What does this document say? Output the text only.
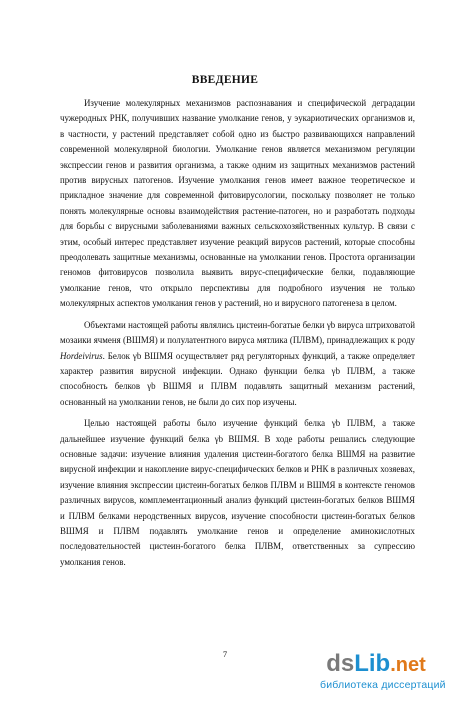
ВВЕДЕНИЕ

Изучение молекулярных механизмов распознавания и специфической деградации чужеродных РНК, получивших название умолкание генов, у эукариотических организмов и, в частности, у растений представляет собой одно из быстро развивающихся направлений современной молекулярной биологии. Умолкание генов является механизмом регуляции экспрессии генов и развития организма, а также одним из защитных механизмов растений против вирусных патогенов. Изучение умолкания генов имеет важное теоретическое и прикладное значение для современной фитовирусологии, поскольку позволяет не только понять молекулярные основы взаимодействия растение-патоген, но и разработать подходы для борьбы с вирусными заболеваниями важных сельскохозяйственных культур. В связи с этим, особый интерес представляет изучение реакций вирусов растений, которые способны преодолевать защитные механизмы, основанные на умолкании генов. Простота организации геномов фитовирусов позволила выявить вирус-специфические белки, подавляющие умолкание генов, что открыло перспективы для подробного изучения не только молекулярных аспектов умолкания генов у растений, но и вирусного патогенеза в целом.

Объектами настоящей работы являлись цистеин-богатые белки γb вируса штриховатой мозаики ячменя (ВШМЯ) и полулатентного вируса мятлика (ПЛВМ), принадлежащих к роду Hordeivirus. Белок γb ВШМЯ осуществляет ряд регуляторных функций, а также определяет характер развития вирусной инфекции. Однако функции белка γb ПЛВМ, а также способность белков γb ВШМЯ и ПЛВМ подавлять защитный механизм растений, основанный на умолкании генов, не были до сих пор изучены.

Целью настоящей работы было изучение функций белка γb ПЛВМ, а также дальнейшее изучение функций белка γb ВШМЯ. В ходе работы решались следующие основные задачи: изучение влияния удаления цистеин-богатого белка ВШМЯ на развитие вирусной инфекции и накопление вирус-специфических белков и РНК в различных хозяевах, изучение влияния экспрессии цистеин-богатых белков ПЛВМ и ВШМЯ в контексте геномов различных вирусов, комплементационный анализ функций цистеин-богатых белков ВШМЯ и ПЛВМ белками неродственных вирусов, изучение способности цистеин-богатых белков ВШМЯ и ПЛВМ подавлять умолкание генов и определение аминокислотных последовательностей цистеин-богатого белка ПЛВМ, ответственных за супрессию умолкания генов.

7	dsLib.net
библиотека диссертаций
